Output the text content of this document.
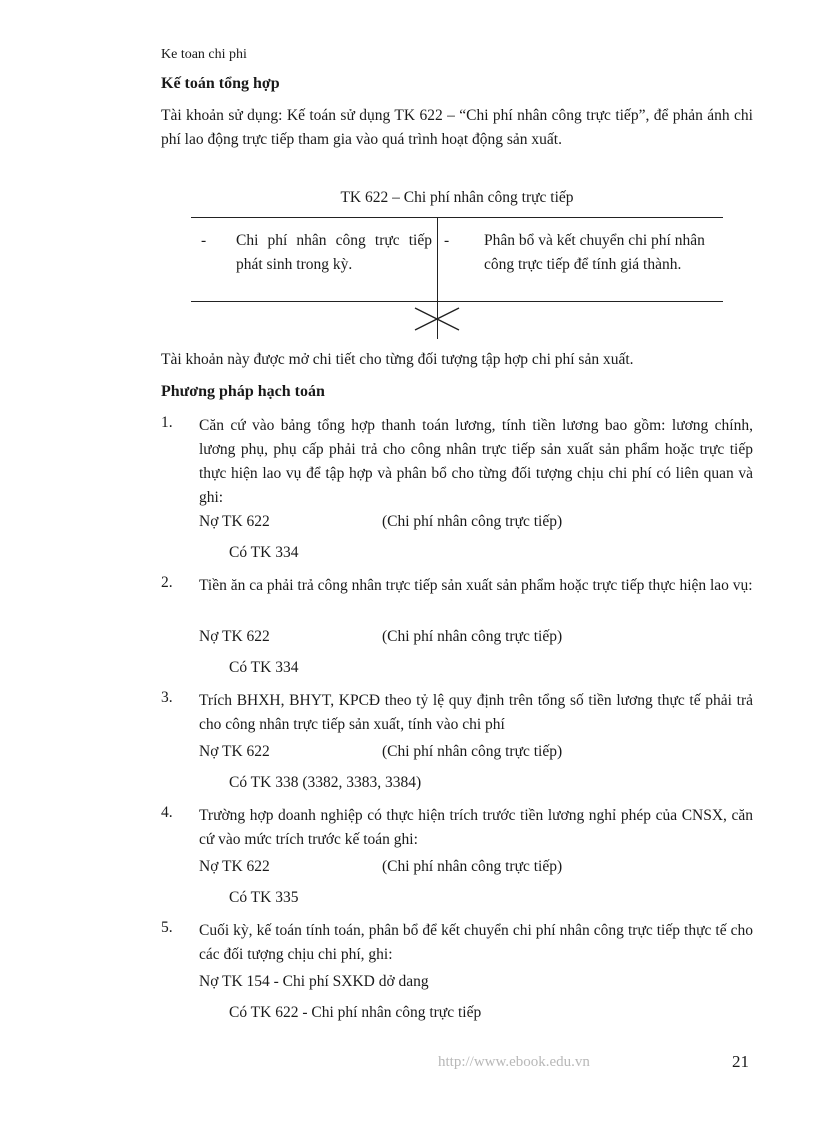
Ke toan chi phi
Kế toán tổng hợp
Tài khoản sử dụng: Kế toán sử dụng TK 622 – “Chi phí nhân công trực tiếp”, để phản ánh chi phí lao động trực tiếp tham gia vào quá trình hoạt động sản xuất.
TK 622 – Chi phí nhân công trực tiếp
- Chi phí nhân công trực tiếp phát sinh trong kỳ.
- Phân bổ và kết chuyển chi phí nhân công trực tiếp để tính giá thành.
Tài khoản này được mở chi tiết cho từng đối tượng tập hợp chi phí sản xuất.
Phương pháp hạch toán
1.	Căn cứ vào bảng tổng hợp thanh toán lương, tính tiền lương bao gồm: lương chính, lương phụ, phụ cấp phải trả cho công nhân trực tiếp sản xuất sản phẩm hoặc trực tiếp thực hiện lao vụ để tập hợp và phân bổ cho từng đối tượng chịu chi phí có liên quan và ghi:
Nợ TK 622	(Chi phí nhân công trực tiếp)
Có TK 334
2.	Tiền ăn ca phải trả công nhân trực tiếp sản xuất sản phẩm hoặc trực tiếp thực hiện lao vụ:
Nợ TK 622	(Chi phí nhân công trực tiếp)
Có TK 334
3.	Trích BHXH, BHYT, KPCĐ theo tỷ lệ quy định trên tổng số tiền lương thực tế phải trả cho công nhân trực tiếp sản xuất, tính vào chi phí
Nợ TK 622	(Chi phí nhân công trực tiếp)
Có TK 338 (3382, 3383, 3384)
4.	Trường hợp doanh nghiệp có thực hiện trích trước tiền lương nghỉ phép của CNSX, căn cứ vào mức trích trước kế toán ghi:
Nợ TK 622	(Chi phí nhân công trực tiếp)
Có TK 335
5.	Cuối kỳ, kế toán tính toán, phân bổ để kết chuyển chi phí nhân công trực tiếp thực tế cho các đối tượng chịu chi phí, ghi:
Nợ TK 154 - Chi phí SXKD dở dang
Có TK 622 - Chi phí nhân công trực tiếp
http://www.ebook.edu.vn	21
